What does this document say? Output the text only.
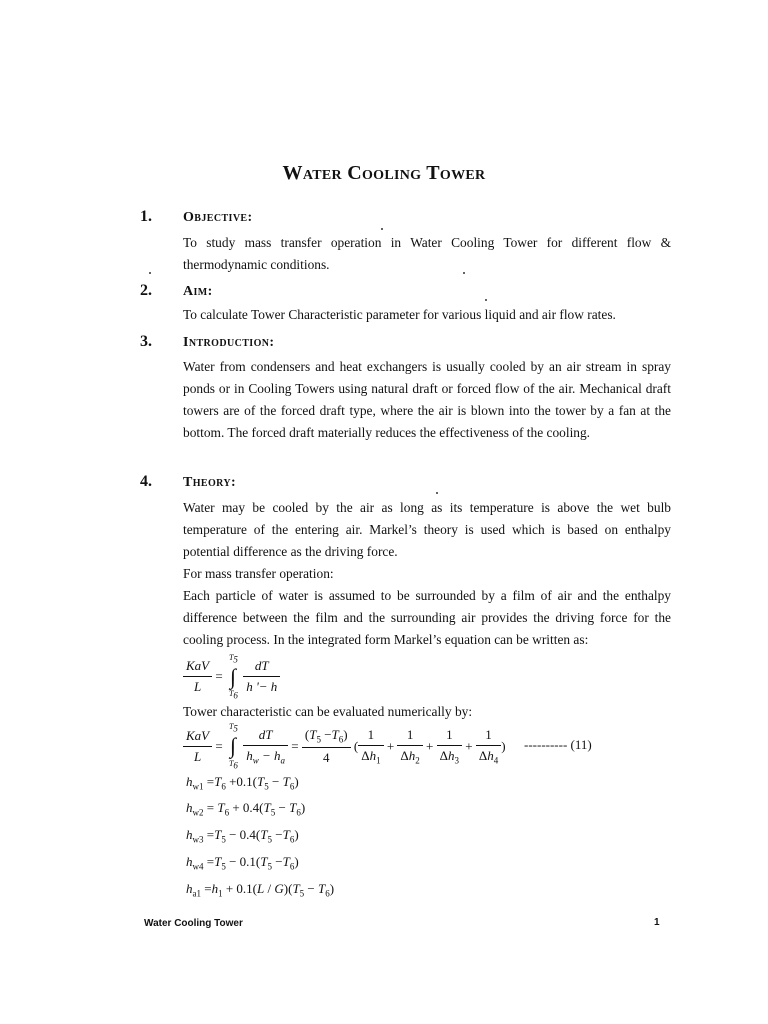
Water Cooling Tower
1. Objective:
To study mass transfer operation in Water Cooling Tower for different flow & thermodynamic conditions.
2. Aim:
To calculate Tower Characteristic parameter for various liquid and air flow rates.
3. Introduction:
Water from condensers and heat exchangers is usually cooled by an air stream in spray ponds or in Cooling Towers using natural draft or forced flow of the air. Mechanical draft towers are of the forced draft type, where the air is blown into the tower by a fan at the bottom. The forced draft materially reduces the effectiveness of the cooling.
4. Theory:
Water may be cooled by the air as long as its temperature is above the wet bulb temperature of the entering air. Markel’s theory is used which is based on enthalpy potential difference as the driving force.
For mass transfer operation:
Each particle of water is assumed to be surrounded by a film of air and the enthalpy difference between the film and the surrounding air provides the driving force for the cooling process. In the integrated form Markel’s equation can be written as:
$\frac{\text{KaV}}{L}$ = ∫
$T_5$
$T_6$

$\frac{dT}{h '- h}$
Tower characteristic can be evaluated numerically by:
$\frac{\text{KaV}}{L}$ = ∫
$T_5$
$T_6$
$\frac{dT}{h_w - h_a} = \frac{(T_5 -T_6)}{4}$ ( $\frac{1}{\Delta h_1} + \frac{1}{\Delta h_2} + \frac{1}{\Delta h_3} + \frac{1}{\Delta h_4}$ ) ---------- (11)
$h_{w1} =T_6 +0.1(T_5 - T_6)$
$h_{w2} = T_6 + 0.4(T_5 - T_6)$
$h_{w3} =T_5 - 0.4(T_5 -T_6)$
$h_{w4} =T_5 - 0.1(T_5 -T_6)$
$h_{a1} =h_1 + 0.1(L / G)(T_5 - T_6)$
Water Cooling Tower	1
